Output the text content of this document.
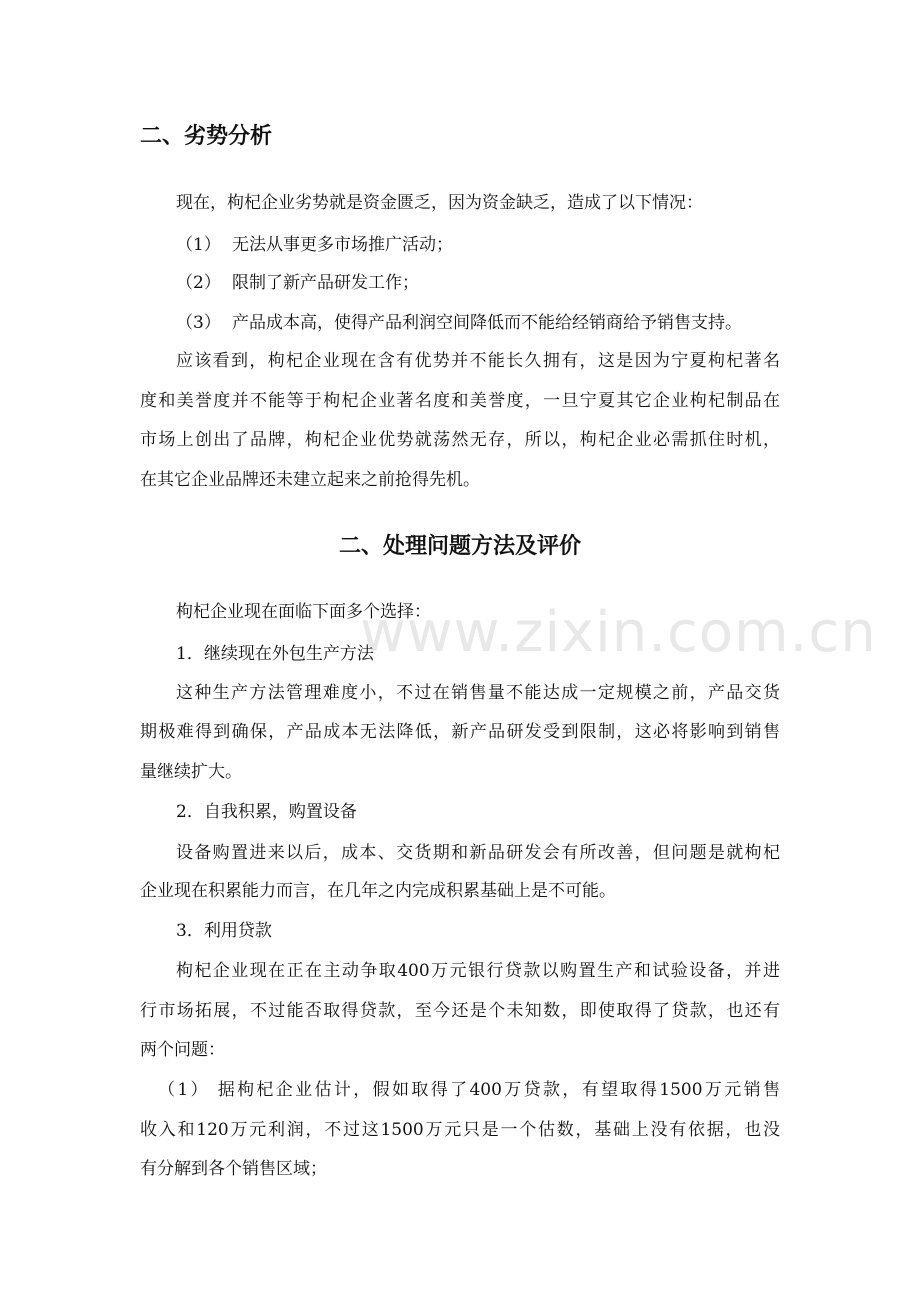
www.zixin.com.cn
二、劣势分析
现在，枸杞企业劣势就是资金匮乏，因为资金缺乏，造成了以下情况：
（1） 无法从事更多市场推广活动；
（2） 限制了新产品研发工作；
（3） 产品成本高，使得产品利润空间降低而不能给经销商给予销售支持。
应该看到，枸杞企业现在含有优势并不能长久拥有，这是因为宁夏枸杞著名
度和美誉度并不能等于枸杞企业著名度和美誉度，一旦宁夏其它企业枸杞制品在
市场上创出了品牌，枸杞企业优势就荡然无存，所以，枸杞企业必需抓住时机，
在其它企业品牌还未建立起来之前抢得先机。
二、处理问题方法及评价
枸杞企业现在面临下面多个选择：
1．继续现在外包生产方法
这种生产方法管理难度小，不过在销售量不能达成一定规模之前，产品交货
期极难得到确保，产品成本无法降低，新产品研发受到限制，这必将影响到销售
量继续扩大。
2．自我积累，购置设备
设备购置进来以后，成本、交货期和新品研发会有所改善，但问题是就枸杞
企业现在积累能力而言，在几年之内完成积累基础上是不可能。
3．利用贷款
枸杞企业现在正在主动争取400万元银行贷款以购置生产和试验设备，并进
行市场拓展，不过能否取得贷款，至今还是个未知数，即使取得了贷款，也还有
两个问题：
（1） 据枸杞企业估计，假如取得了400万贷款，有望取得1500万元销售
收入和120万元利润，不过这1500万元只是一个估数，基础上没有依据，也没
有分解到各个销售区域；
